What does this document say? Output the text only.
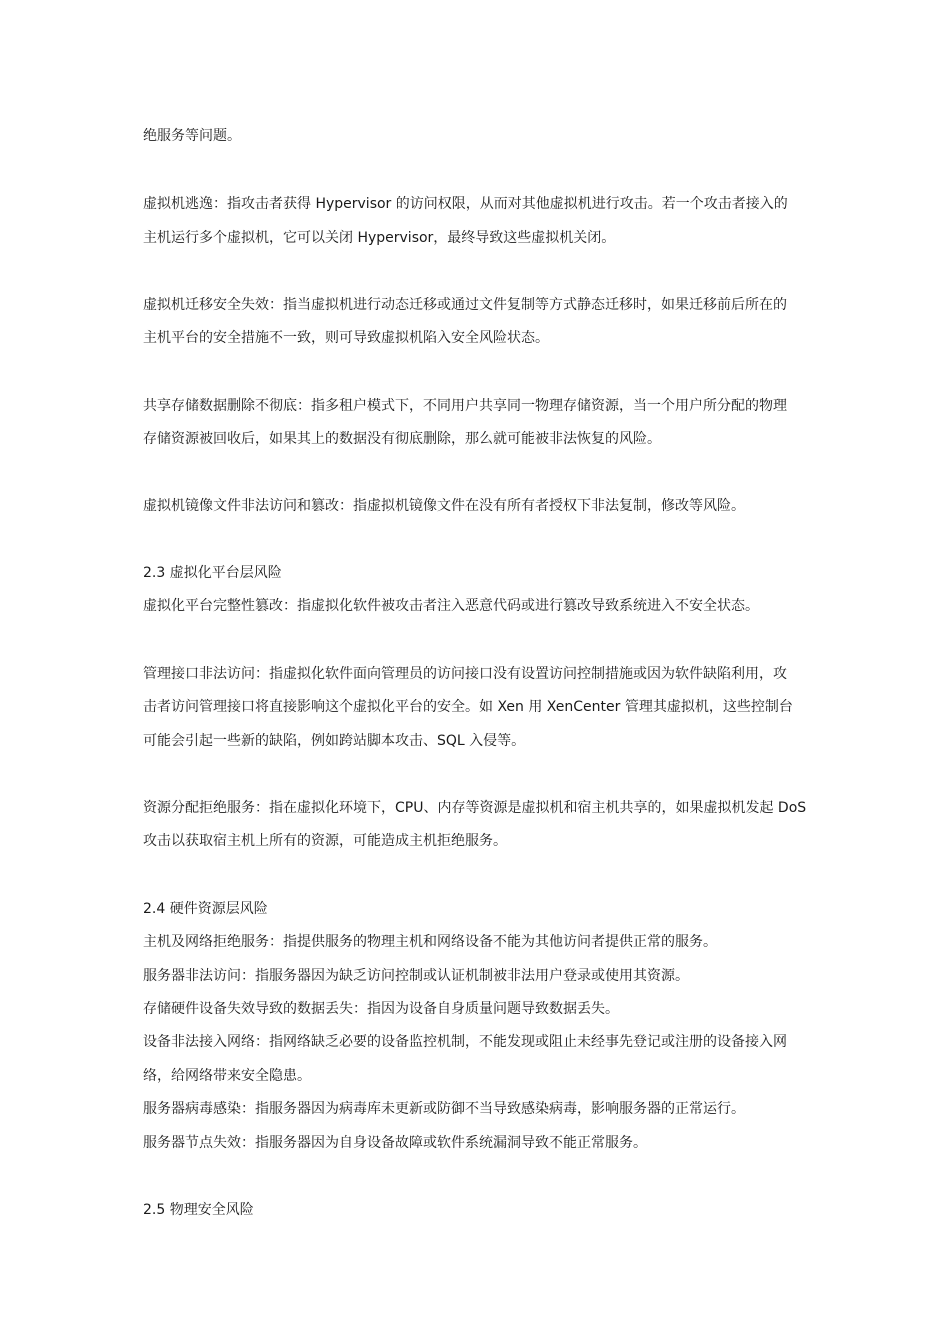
绝服务等问题。
虚拟机逃逸：指攻击者获得 Hypervisor 的访问权限，从而对其他虚拟机进行攻击。若一个攻击者接入的
主机运行多个虚拟机，它可以关闭 Hypervisor，最终导致这些虚拟机关闭。
虚拟机迁移安全失效：指当虚拟机进行动态迁移或通过文件复制等方式静态迁移时，如果迁移前后所在的
主机平台的安全措施不一致，则可导致虚拟机陷入安全风险状态。
共享存储数据删除不彻底：指多租户模式下，不同用户共享同一物理存储资源，当一个用户所分配的物理
存储资源被回收后，如果其上的数据没有彻底删除，那么就可能被非法恢复的风险。
虚拟机镜像文件非法访问和篡改：指虚拟机镜像文件在没有所有者授权下非法复制，修改等风险。
2.3 虚拟化平台层风险
虚拟化平台完整性篡改：指虚拟化软件被攻击者注入恶意代码或进行篡改导致系统进入不安全状态。
管理接口非法访问：指虚拟化软件面向管理员的访问接口没有设置访问控制措施或因为软件缺陷利用，攻
击者访问管理接口将直接影响这个虚拟化平台的安全。如 Xen 用 XenCenter 管理其虚拟机，这些控制台
可能会引起一些新的缺陷，例如跨站脚本攻击、SQL 入侵等。
资源分配拒绝服务：指在虚拟化环境下，CPU、内存等资源是虚拟机和宿主机共享的，如果虚拟机发起 DoS
攻击以获取宿主机上所有的资源，可能造成主机拒绝服务。
2.4 硬件资源层风险
主机及网络拒绝服务：指提供服务的物理主机和网络设备不能为其他访问者提供正常的服务。
服务器非法访问：指服务器因为缺乏访问控制或认证机制被非法用户登录或使用其资源。
存储硬件设备失效导致的数据丢失：指因为设备自身质量问题导致数据丢失。
设备非法接入网络：指网络缺乏必要的设备监控机制，不能发现或阻止未经事先登记或注册的设备接入网
络，给网络带来安全隐患。
服务器病毒感染：指服务器因为病毒库未更新或防御不当导致感染病毒，影响服务器的正常运行。
服务器节点失效：指服务器因为自身设备故障或软件系统漏洞导致不能正常服务。
2.5 物理安全风险
